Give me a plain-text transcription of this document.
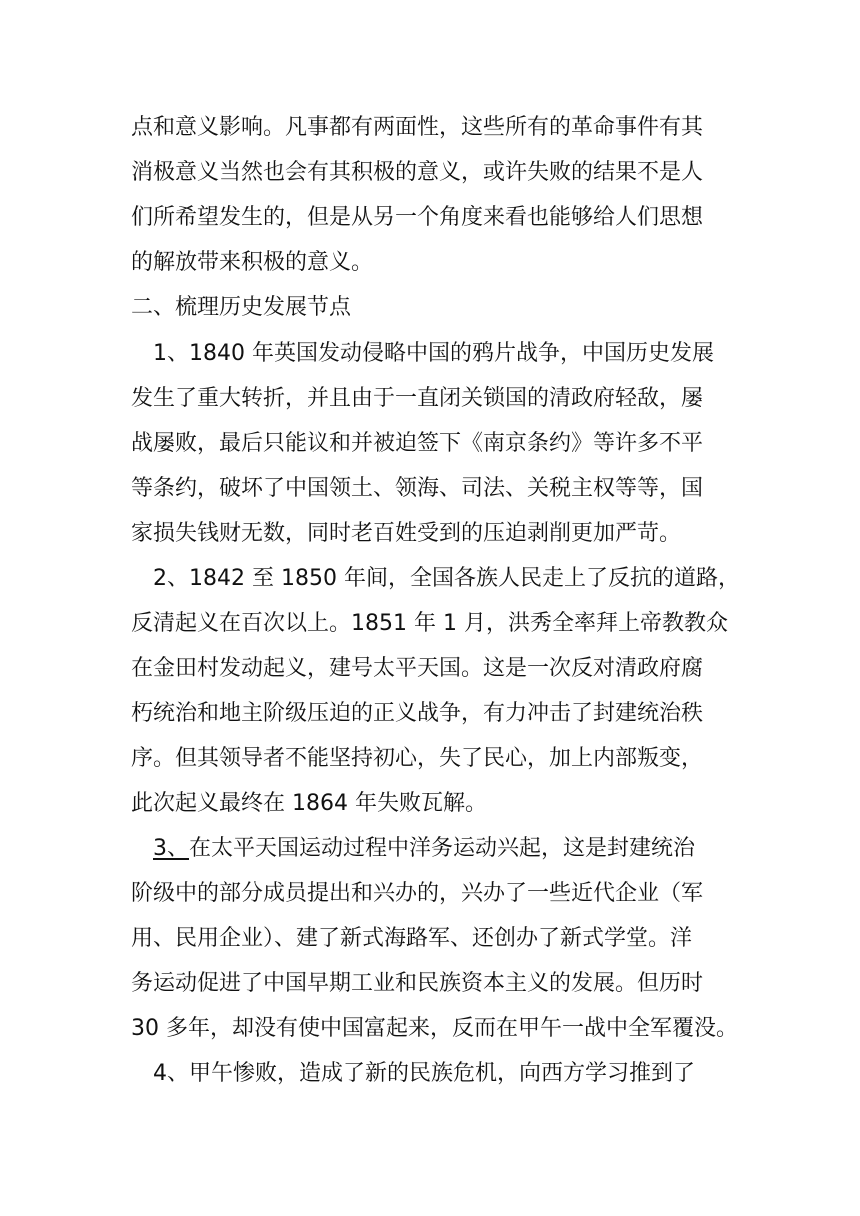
点和意义影响。凡事都有两面性，这些所有的革命事件有其
消极意义当然也会有其积极的意义，或许失败的结果不是人
们所希望发生的，但是从另一个角度来看也能够给人们思想
的解放带来积极的意义。
二、梳理历史发展节点
1、1840 年英国发动侵略中国的鸦片战争，中国历史发展
发生了重大转折，并且由于一直闭关锁国的清政府轻敌，屡
战屡败，最后只能议和并被迫签下《南京条约》等许多不平
等条约，破坏了中国领土、领海、司法、关税主权等等，国
家损失钱财无数，同时老百姓受到的压迫剥削更加严苛。
2、1842 至 1850 年间，全国各族人民走上了反抗的道路，
反清起义在百次以上。1851 年 1 月，洪秀全率拜上帝教教众
在金田村发动起义，建号太平天国。这是一次反对清政府腐
朽统治和地主阶级压迫的正义战争，有力冲击了封建统治秩
序。但其领导者不能坚持初心，失了民心，加上内部叛变，
此次起义最终在 1864 年失败瓦解。
3、在太平天国运动过程中洋务运动兴起，这是封建统治
阶级中的部分成员提出和兴办的，兴办了一些近代企业（军
用、民用企业）、建了新式海路军、还创办了新式学堂。洋
务运动促进了中国早期工业和民族资本主义的发展。但历时
30 多年，却没有使中国富起来，反而在甲午一战中全军覆没。
4、甲午惨败，造成了新的民族危机，向西方学习推到了
